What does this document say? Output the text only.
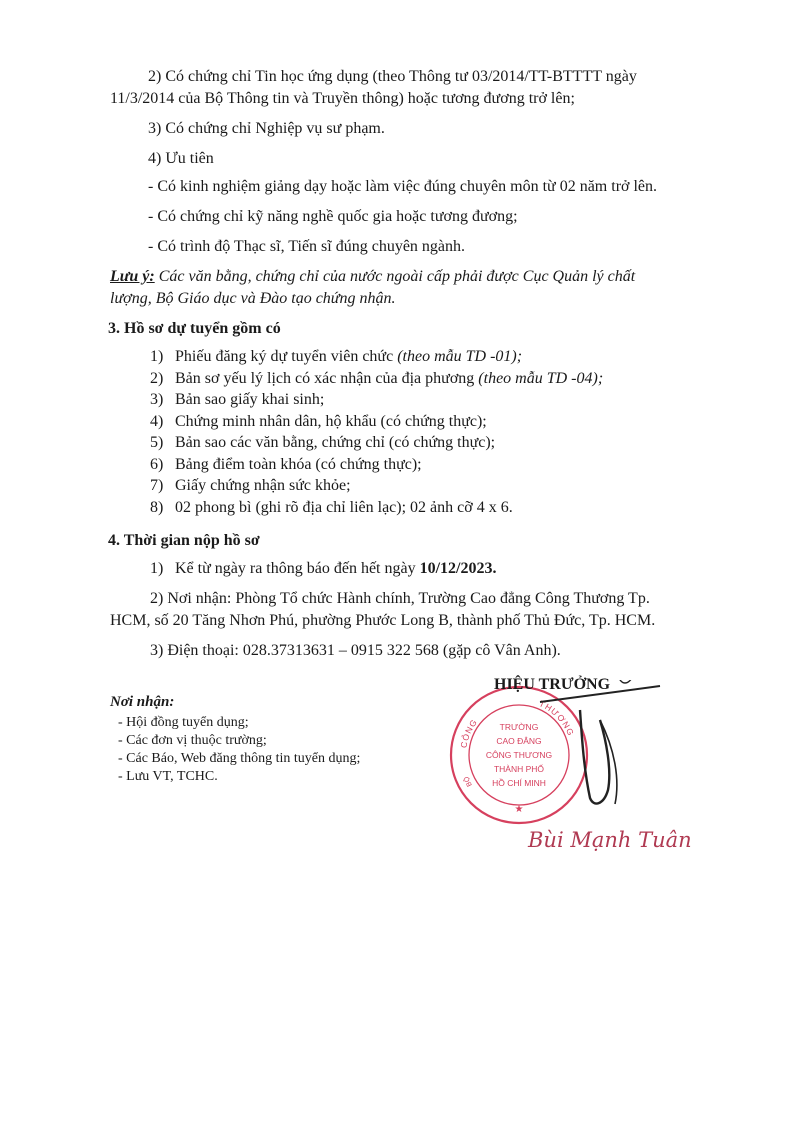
2) Có chứng chỉ Tin học ứng dụng (theo Thông tư 03/2014/TT-BTTTT ngày
11/3/2014 của Bộ Thông tin và Truyền thông) hoặc tương đương trở lên;
3) Có chứng chỉ Nghiệp vụ sư phạm.
4) Ưu tiên
- Có kinh nghiệm giảng dạy hoặc làm việc đúng chuyên môn từ 02 năm trở lên.
- Có chứng chỉ kỹ năng nghề quốc gia hoặc tương đương;
- Có trình độ Thạc sĩ, Tiến sĩ đúng chuyên ngành.
Lưu ý: Các văn bằng, chứng chỉ của nước ngoài cấp phải được Cục Quản lý chất
lượng, Bộ Giáo dục và Đào tạo chứng nhận.
3. Hồ sơ dự tuyển gồm có
1) Phiếu đăng ký dự tuyển viên chức (theo mẫu TD -01);
2) Bản sơ yếu lý lịch có xác nhận của địa phương (theo mẫu TD -04);
3) Bản sao giấy khai sinh;
4) Chứng minh nhân dân, hộ khẩu (có chứng thực);
5) Bản sao các văn bằng, chứng chỉ (có chứng thực);
6) Bảng điểm toàn khóa (có chứng thực);
7) Giấy chứng nhận sức khỏe;
8) 02 phong bì (ghi rõ địa chỉ liên lạc); 02 ảnh cỡ 4 x 6.
4. Thời gian nộp hồ sơ
1) Kể từ ngày ra thông báo đến hết ngày 10/12/2023.
2) Nơi nhận: Phòng Tổ chức Hành chính, Trường Cao đẳng Công Thương Tp.
HCM, số 20 Tăng Nhơn Phú, phường Phước Long B, thành phố Thủ Đức, Tp. HCM.
3) Điện thoại: 028.37313631 – 0915 322 568 (gặp cô Vân Anh).
Nơi nhận:
- Hội đồng tuyển dụng;
- Các đơn vị thuộc trường;
- Các Báo, Web đăng thông tin tuyển dụng;
- Lưu VT, TCHC.
CÔNG
THƯƠNG
BỘ
TRƯỜNG
CAO ĐẲNG
CÔNG THƯƠNG
THÀNH PHỐ
HỒ CHÍ MINH
★
HIỆU TRƯỞNG
Bùi Mạnh Tuân
